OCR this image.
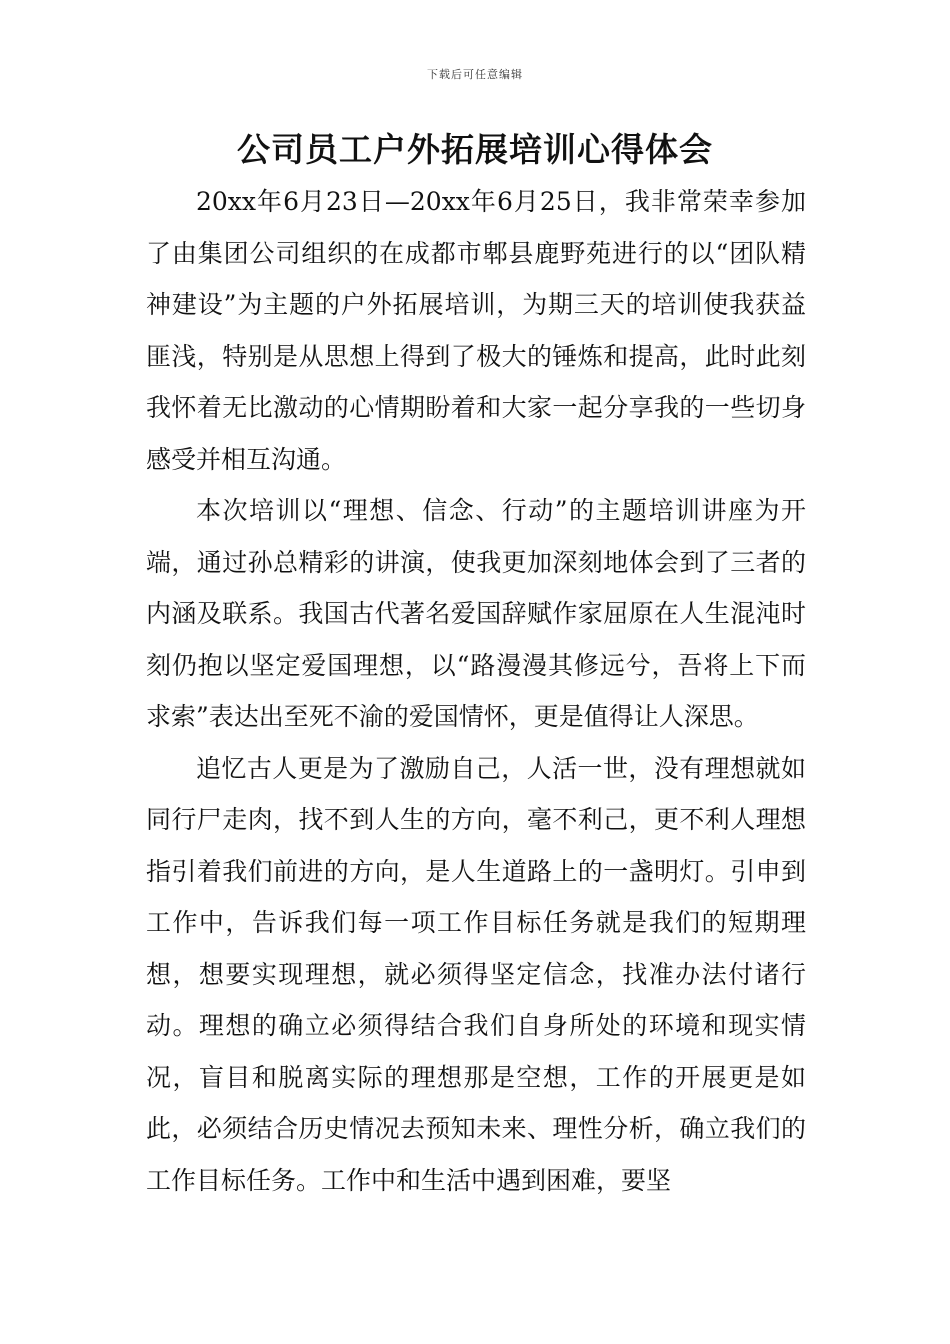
下载后可任意编辑
公司员工户外拓展培训心得体会

20xx年6月23日—20xx年6月25日，我非常荣幸参加了由集团公司组织的在成都市郫县鹿野苑进行的以“团队精神建设”为主题的户外拓展培训，为期三天的培训使我获益匪浅，特别是从思想上得到了极大的锤炼和提高，此时此刻我怀着无比激动的心情期盼着和大家一起分享我的一些切身感受并相互沟通。

本次培训以“理想、信念、行动”的主题培训讲座为开端，通过孙总精彩的讲演，使我更加深刻地体会到了三者的内涵及联系。我国古代著名爱国辞赋作家屈原在人生混沌时刻仍抱以坚定爱国理想，以“路漫漫其修远兮，吾将上下而求索”表达出至死不渝的爱国情怀，更是值得让人深思。

追忆古人更是为了激励自己，人活一世，没有理想就如同行尸走肉，找不到人生的方向，毫不利己，更不利人理想指引着我们前进的方向，是人生道路上的一盏明灯。引申到工作中，告诉我们每一项工作目标任务就是我们的短期理想，想要实现理想，就必须得坚定信念，找准办法付诸行动。理想的确立必须得结合我们自身所处的环境和现实情况，盲目和脱离实际的理想那是空想，工作的开展更是如此，必须结合历史情况去预知未来、理性分析，确立我们的工作目标任务。工作中和生活中遇到困难，要坚
